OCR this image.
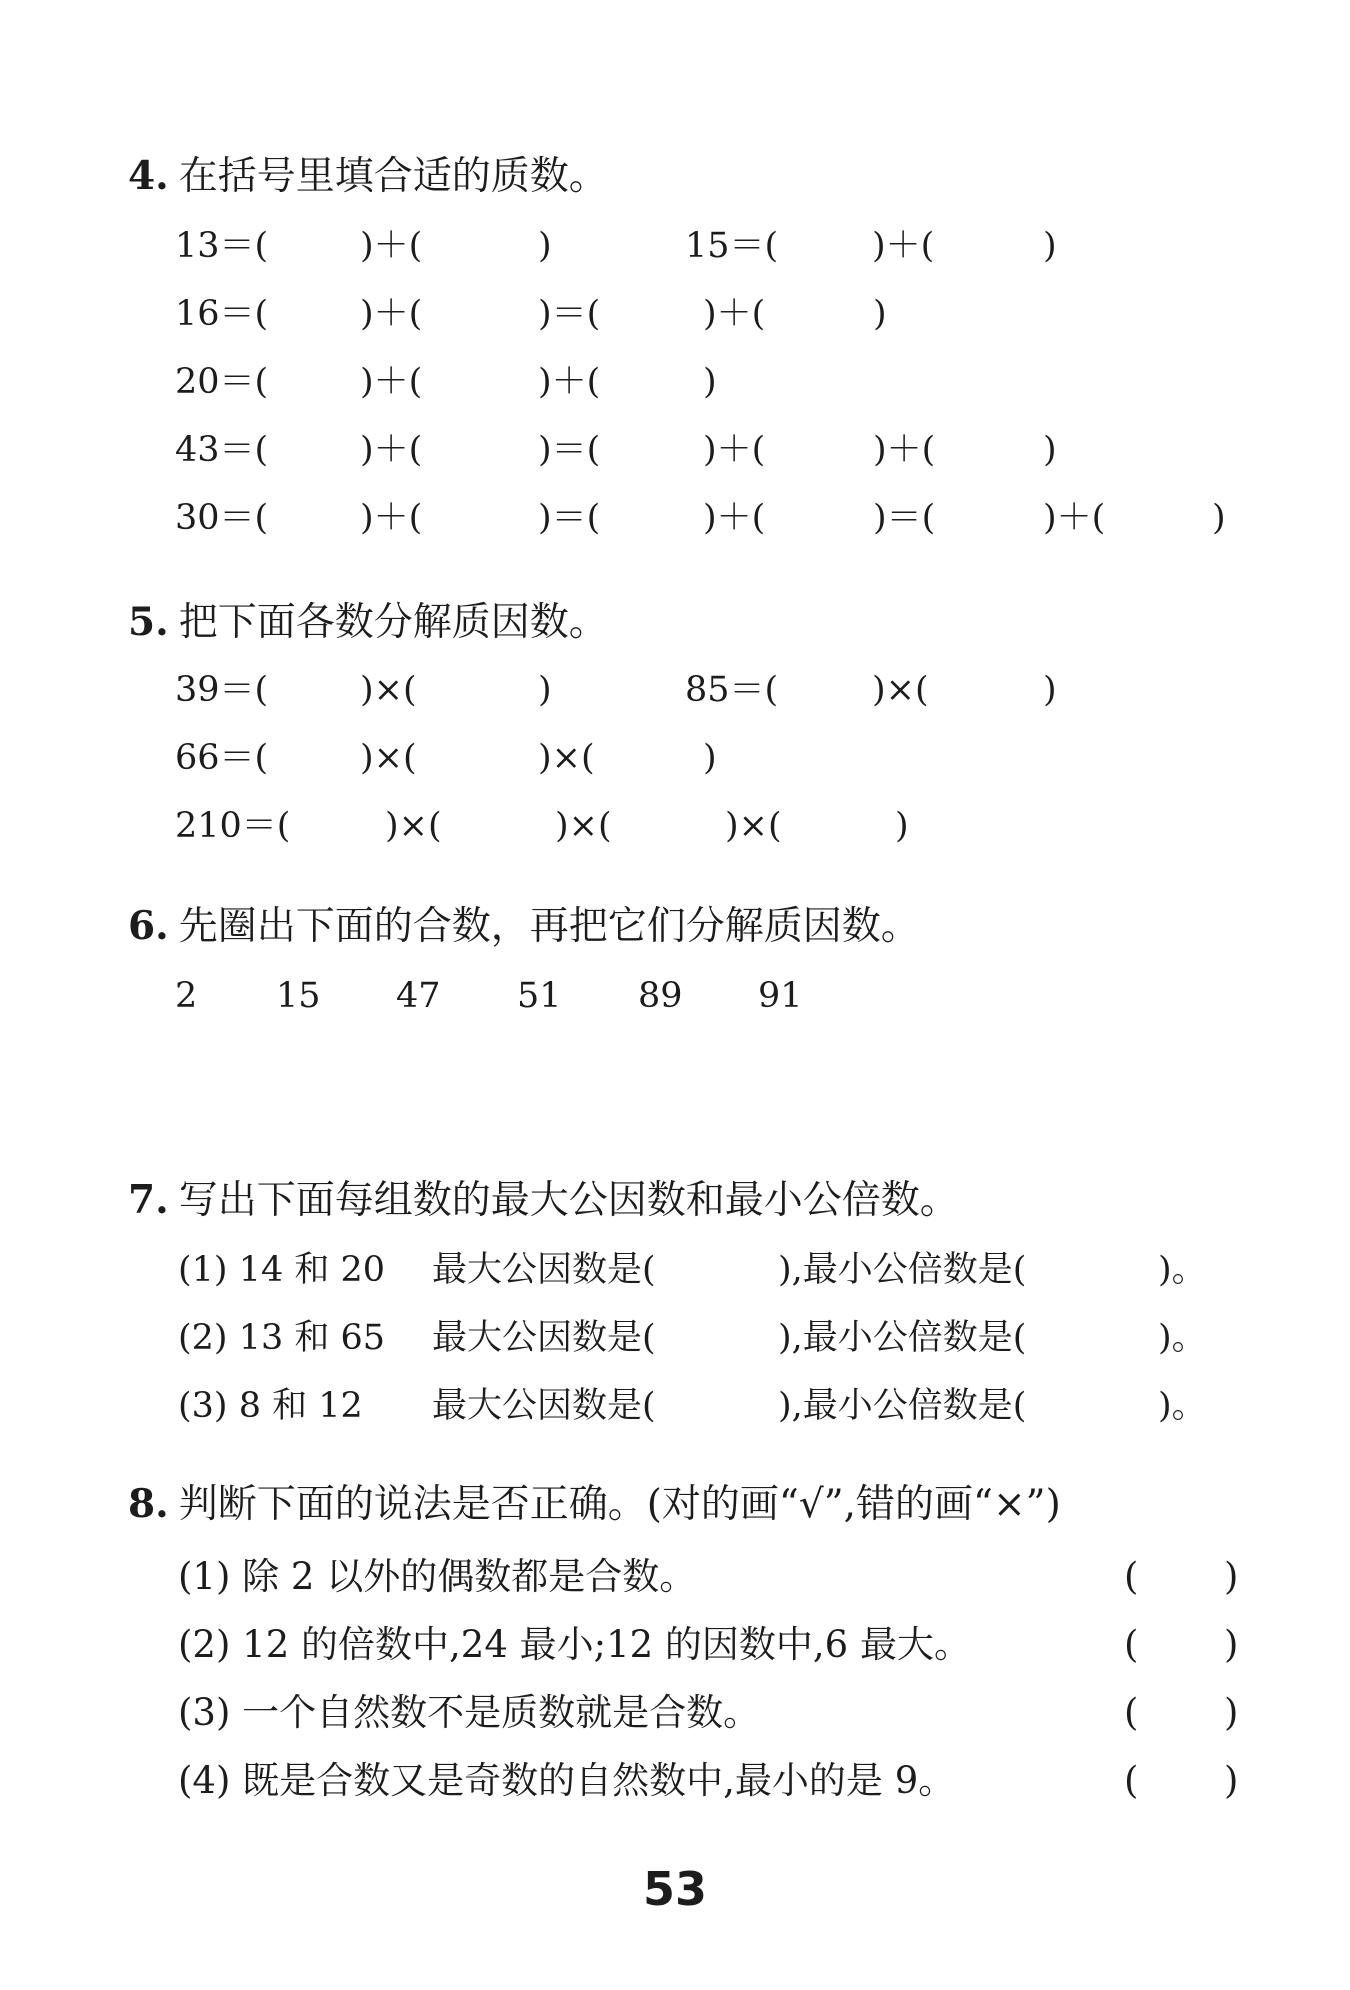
4. 在括号里填合适的质数。
13＝(	)＋(	)	15＝(	)＋(	)
16＝(	)＋(	)＝(	)＋(	)
20＝(	)＋(	)＋(	)
43＝(	)＋(	)＝(	)＋(	)＋(	)
30＝(	)＋(	)＝(	)＋(	)＝(	)＋(	)
5. 把下面各数分解质因数。
39＝(	)×(	)	85＝(	)×(	)
66＝(	)×(	)×(	)
210＝(	)×(	)×(	)×(	)
6. 先圈出下面的合数，再把它们分解质因数。
2 15 47 51 89 91
7. 写出下面每组数的最大公因数和最小公倍数。
(1) 14 和 20 最大公因数是(	),最小公倍数是(	)。
(2) 13 和 65 最大公因数是(	),最小公倍数是(	)。
(3) 8 和 12 最大公因数是(	),最小公倍数是(	)。
8. 判断下面的说法是否正确。(对的画“√”,错的画“×”)
(1) 除 2 以外的偶数都是合数。	( )
(2) 12 的倍数中,24 最小;12 的因数中,6 最大。	( )
(3) 一个自然数不是质数就是合数。	( )
(4) 既是合数又是奇数的自然数中,最小的是 9。	( )
53
